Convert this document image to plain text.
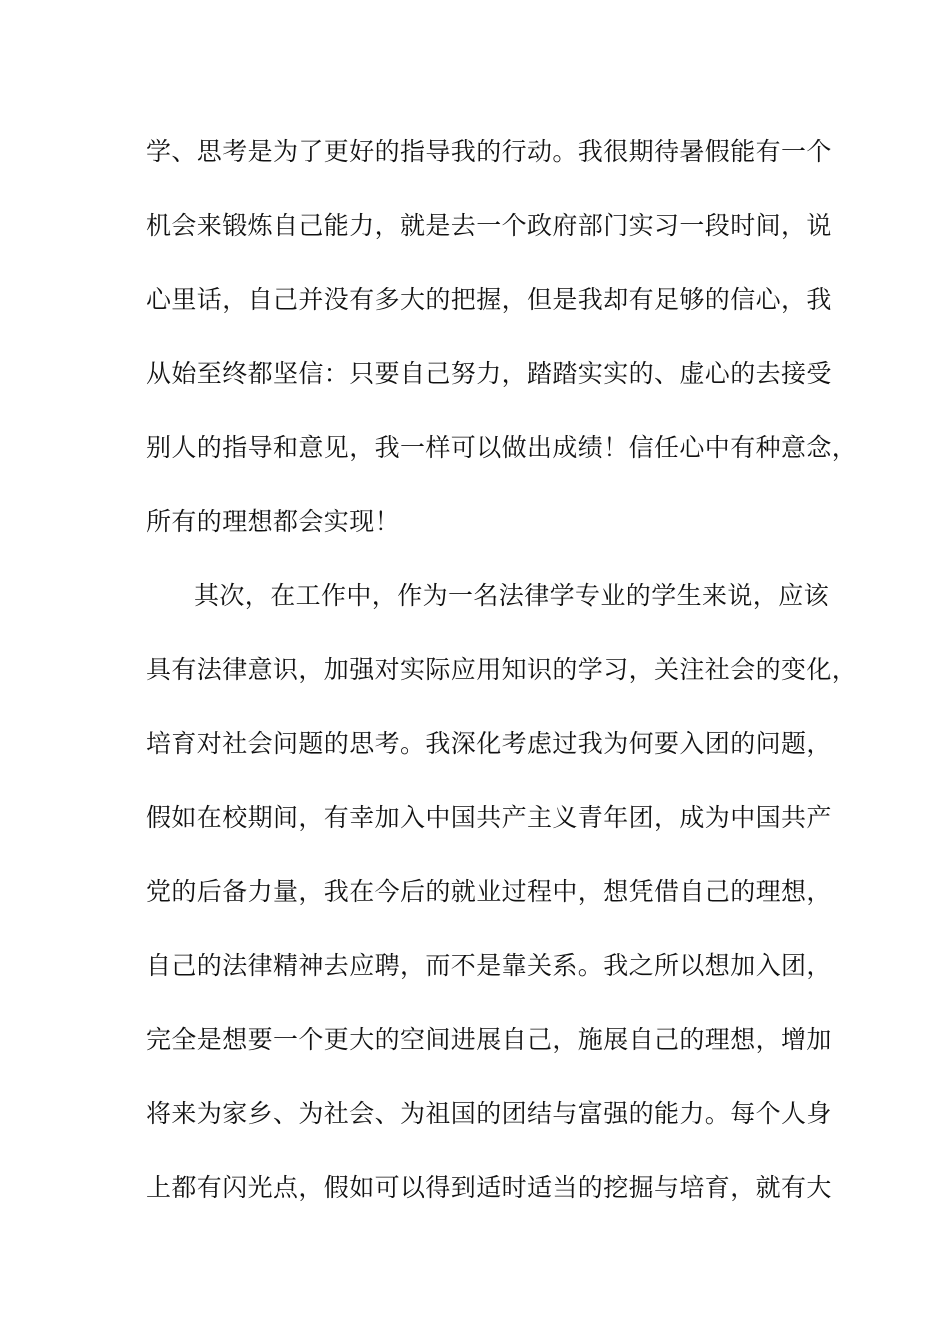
学、思考是为了更好的指导我的行动。我很期待暑假能有一个
机会来锻炼自己能力，就是去一个政府部门实习一段时间，说
心里话，自己并没有多大的把握，但是我却有足够的信心，我
从始至终都坚信：只要自己努力，踏踏实实的、虚心的去接受
别人的指导和意见，我一样可以做出成绩！信任心中有种意念，
所有的理想都会实现！
其次，在工作中，作为一名法律学专业的学生来说，应该
具有法律意识，加强对实际应用知识的学习，关注社会的变化，
培育对社会问题的思考。我深化考虑过我为何要入团的问题，
假如在校期间，有幸加入中国共产主义青年团，成为中国共产
党的后备力量，我在今后的就业过程中，想凭借自己的理想，
自己的法律精神去应聘，而不是靠关系。我之所以想加入团，
完全是想要一个更大的空间进展自己，施展自己的理想，增加
将来为家乡、为社会、为祖国的团结与富强的能力。每个人身
上都有闪光点，假如可以得到适时适当的挖掘与培育，就有大
